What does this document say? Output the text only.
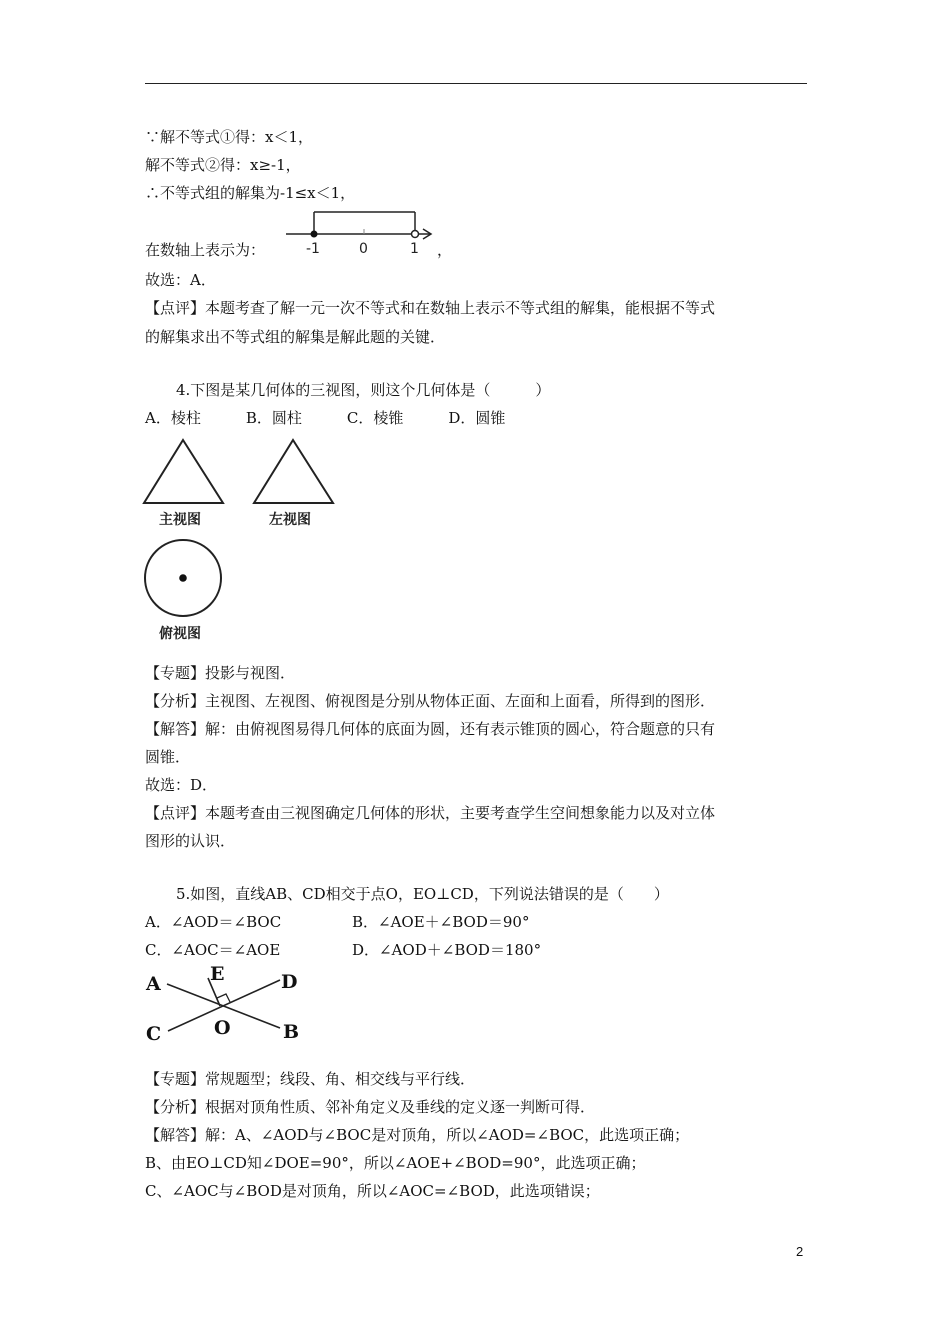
∵解不等式①得：x＜1，
解不等式②得：x≥-1，
∴不等式组的解集为-1≤x＜1，
在数轴上表示为：	-1	0	1 ，
故选：A．
【点评】本题考查了解一元一次不等式和在数轴上表示不等式组的解集，能根据不等式
的解集求出不等式组的解集是解此题的关键．
4.下图是某几何体的三视图，则这个几何体是（　　　）
A．棱柱　　　B．圆柱　　　C．棱锥　　　D．圆锥
主视图	左视图
俯视图
【专题】投影与视图．
【分析】主视图、左视图、俯视图是分别从物体正面、左面和上面看，所得到的图形．
【解答】解：由俯视图易得几何体的底面为圆，还有表示锥顶的圆心，符合题意的只有
圆锥．
故选：D．
【点评】本题考查由三视图确定几何体的形状，主要考查学生空间想象能力以及对立体
图形的认识．
5.如图，直线AB、CD相交于点O，EO⊥CD，下列说法错误的是（　　）
A．∠AOD＝∠BOC	B．∠AOE＋∠BOD＝90°
C．∠AOC＝∠AOE	D．∠AOD＋∠BOD＝180°
A	E	D
C	O	B
【专题】常规题型；线段、角、相交线与平行线．
【分析】根据对顶角性质、邻补角定义及垂线的定义逐一判断可得．
【解答】解：A、∠AOD与∠BOC是对顶角，所以∠AOD=∠BOC，此选项正确；
B、由EO⊥CD知∠DOE=90°，所以∠AOE+∠BOD=90°，此选项正确；
C、∠AOC与∠BOD是对顶角，所以∠AOC=∠BOD，此选项错误；
2
